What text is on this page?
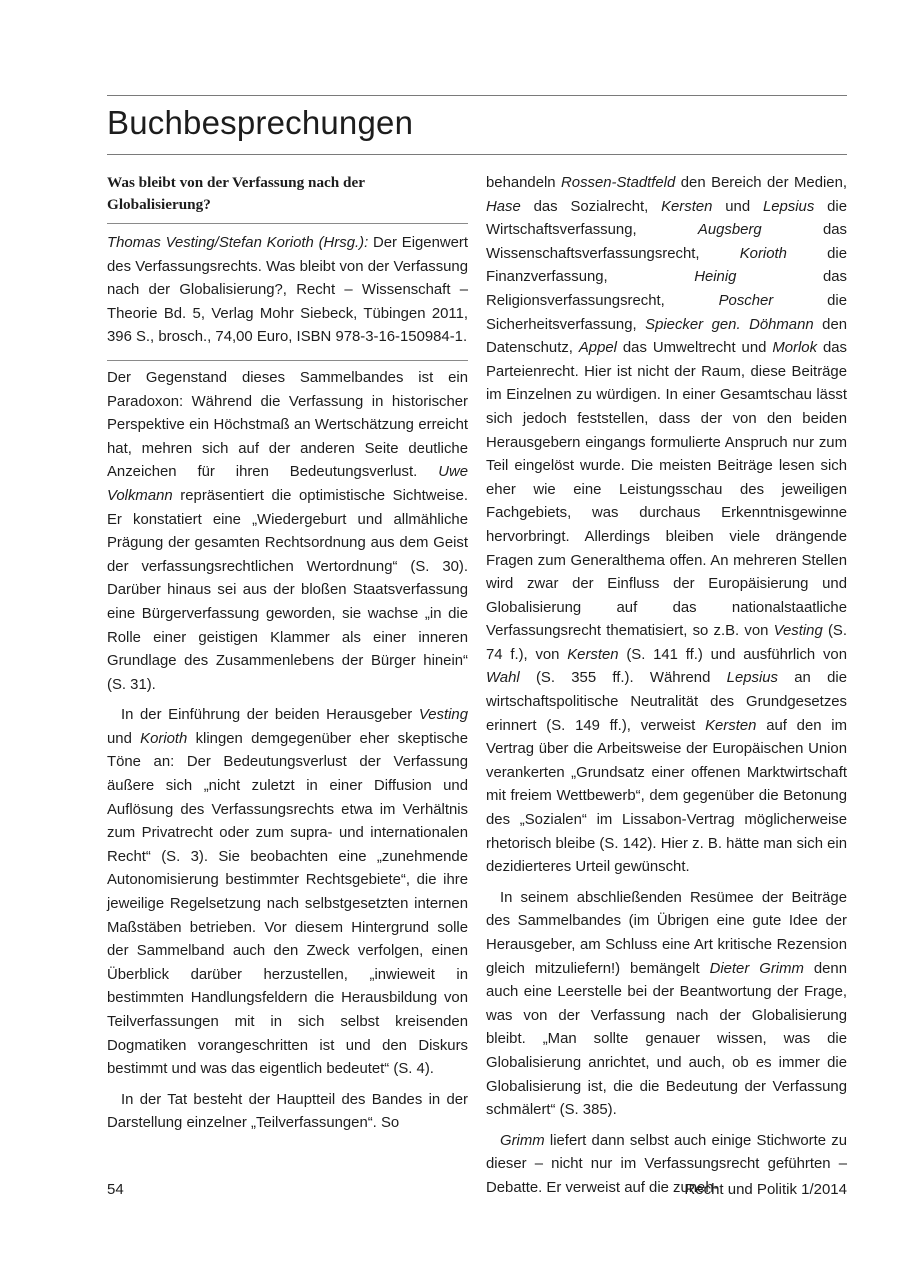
Buchbesprechungen
Was bleibt von der Verfassung nach der Globalisierung?

Thomas Vesting/Stefan Korioth (Hrsg.): Der Eigenwert des Verfassungsrechts. Was bleibt von der Verfassung nach der Globalisierung?, Recht – Wissenschaft – Theorie Bd. 5, Verlag Mohr Siebeck, Tübingen 2011, 396 S., brosch., 74,00 Euro, ISBN 978-3-16-150984-1.

Der Gegenstand dieses Sammelbandes ist ein Paradoxon: Während die Verfassung in historischer Perspektive ein Höchstmaß an Wertschätzung erreicht hat, mehren sich auf der anderen Seite deutliche Anzeichen für ihren Bedeutungsverlust. Uwe Volkmann repräsentiert die optimistische Sichtweise. Er konstatiert eine „Wiedergeburt und allmähliche Prägung der gesamten Rechtsordnung aus dem Geist der verfassungsrechtlichen Wertordnung“ (S. 30). Darüber hinaus sei aus der bloßen Staatsverfassung eine Bürgerverfassung geworden, sie wachse „in die Rolle einer geistigen Klammer als einer inneren Grundlage des Zusammenlebens der Bürger hinein“ (S. 31).

In der Einführung der beiden Herausgeber Vesting und Korioth klingen demgegenüber eher skeptische Töne an: Der Bedeutungsverlust der Verfassung äußere sich „nicht zuletzt in einer Diffusion und Auflösung des Verfassungsrechts etwa im Verhältnis zum Privatrecht oder zum supra- und internationalen Recht“ (S. 3). Sie beobachten eine „zunehmende Autonomisierung bestimmter Rechtsgebiete“, die ihre jeweilige Regelsetzung nach selbstgesetzten internen Maßstäben betrieben. Vor diesem Hintergrund solle der Sammelband auch den Zweck verfolgen, einen Überblick darüber herzustellen, „inwieweit in bestimmten Handlungsfeldern die Herausbildung von Teilverfassungen mit in sich selbst kreisenden Dogmatiken vorangeschritten ist und den Diskurs bestimmt und was das eigentlich bedeutet“ (S. 4).

In der Tat besteht der Hauptteil des Bandes in der Darstellung einzelner „Teilverfassungen“. So

behandeln Rossen-Stadtfeld den Bereich der Medien, Hase das Sozialrecht, Kersten und Lepsius die Wirtschaftsverfassung, Augsberg das Wissenschaftsverfassungsrecht, Korioth die Finanzverfassung, Heinig das Religionsverfassungsrecht, Poscher die Sicherheitsverfassung, Spiecker gen. Döhmann den Datenschutz, Appel das Umweltrecht und Morlok das Parteienrecht. Hier ist nicht der Raum, diese Beiträge im Einzelnen zu würdigen. In einer Gesamtschau lässt sich jedoch feststellen, dass der von den beiden Herausgebern eingangs formulierte Anspruch nur zum Teil eingelöst wurde. Die meisten Beiträge lesen sich eher wie eine Leistungsschau des jeweiligen Fachgebiets, was durchaus Erkenntnisgewinne hervorbringt. Allerdings bleiben viele drängende Fragen zum Generalthema offen. An mehreren Stellen wird zwar der Einfluss der Europäisierung und Globalisierung auf das nationalstaatliche Verfassungsrecht thematisiert, so z.B. von Vesting (S. 74 f.), von Kersten (S. 141 ff.) und ausführlich von Wahl (S. 355 ff.). Während Lepsius an die wirtschaftspolitische Neutralität des Grundgesetzes erinnert (S. 149 ff.), verweist Kersten auf den im Vertrag über die Arbeitsweise der Europäischen Union verankerten „Grundsatz einer offenen Marktwirtschaft mit freiem Wettbewerb“, dem gegenüber die Betonung des „Sozialen“ im Lissabon-Vertrag möglicherweise rhetorisch bleibe (S. 142). Hier z. B. hätte man sich ein dezidierteres Urteil gewünscht.

In seinem abschließenden Resümee der Beiträge des Sammelbandes (im Übrigen eine gute Idee der Herausgeber, am Schluss eine Art kritische Rezension gleich mitzuliefern!) bemängelt Dieter Grimm denn auch eine Leerstelle bei der Beantwortung der Frage, was von der Verfassung nach der Globalisierung bleibt. „Man sollte genauer wissen, was die Globalisierung anrichtet, und auch, ob es immer die Globalisierung ist, die die Bedeutung der Verfassung schmälert“ (S. 385).

Grimm liefert dann selbst auch einige Stichworte zu dieser – nicht nur im Verfassungsrecht geführten – Debatte. Er verweist auf die zuneh-

54	Recht und Politik 1/2014
